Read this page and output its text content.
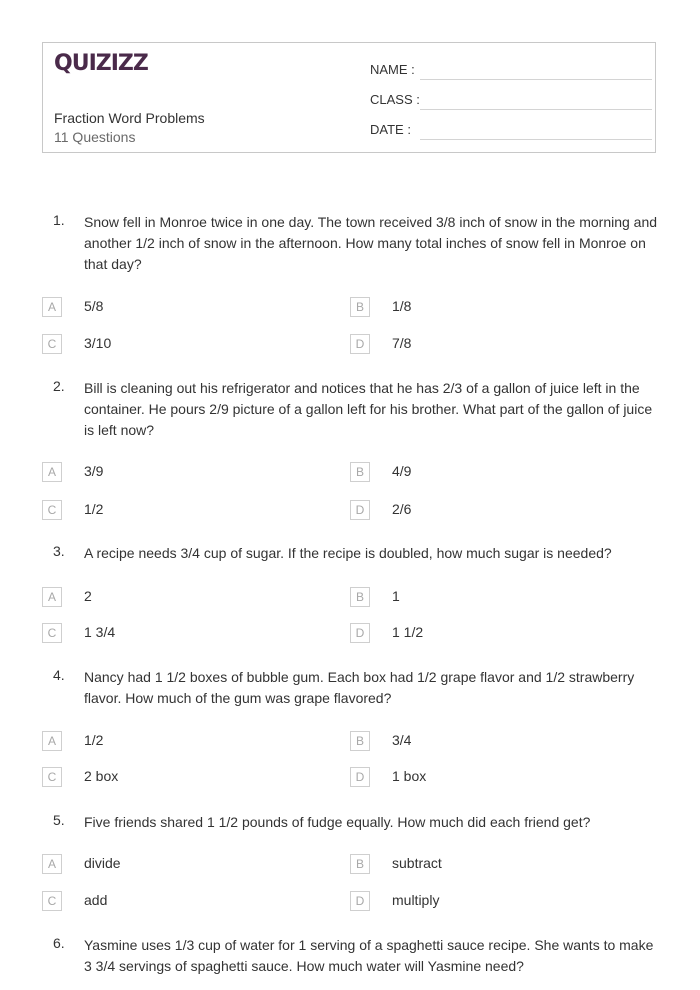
QUIZIZZ
Fraction Word Problems
11 Questions
NAME :
CLASS :
DATE :
1. Snow fell in Monroe twice in one day. The town received 3/8 inch of snow in the morning and another 1/2 inch of snow in the afternoon. How many total inches of snow fell in Monroe on that day?
A	5/8	B	1/8
C	3/10	D	7/8
2. Bill is cleaning out his refrigerator and notices that he has 2/3 of a gallon of juice left in the container. He pours 2/9 picture of a gallon left for his brother. What part of the gallon of juice is left now?
A	3/9	B	4/9
C	1/2	D	2/6
3. A recipe needs 3/4 cup of sugar. If the recipe is doubled, how much sugar is needed?
A	2	B	1
C	1 3/4	D	1 1/2
4. Nancy had 1 1/2 boxes of bubble gum. Each box had 1/2 grape flavor and 1/2 strawberry flavor. How much of the gum was grape flavored?
A	1/2	B	3/4
C	2 box	D	1 box
5. Five friends shared 1 1/2 pounds of fudge equally. How much did each friend get?
A	divide	B	subtract
C	add	D	multiply
6. Yasmine uses 1/3 cup of water for 1 serving of a spaghetti sauce recipe. She wants to make 3 3/4 servings of spaghetti sauce. How much water will Yasmine need?
